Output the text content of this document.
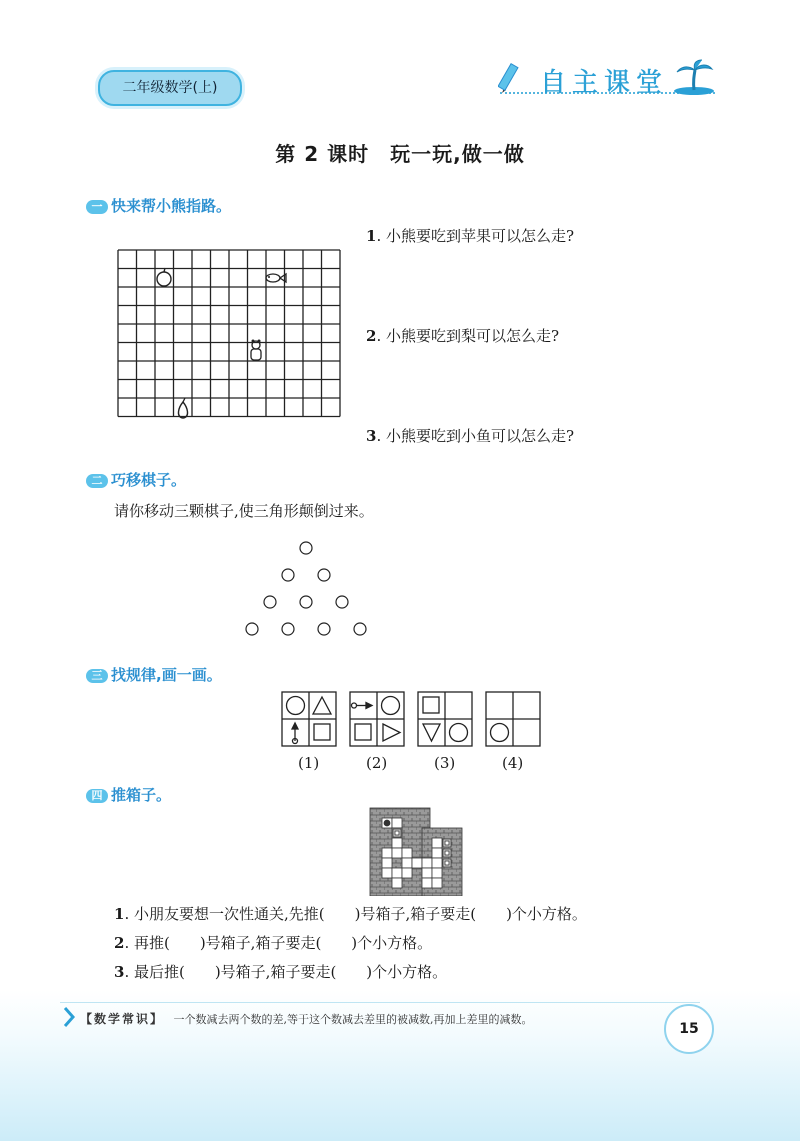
二年级数学(上)	自主课堂
第 2 课时　玩一玩,做一做
一 快来帮小熊指路。
1. 小熊要吃到苹果可以怎么走?
2. 小熊要吃到梨可以怎么走?
3. 小熊要吃到小鱼可以怎么走?
二 巧移棋子。
请你移动三颗棋子,使三角形颠倒过来。
三 找规律,画一画。
(1)	(2)	(3)	(4)
四 推箱子。
1. 小朋友要想一次性通关,先推(　　)号箱子,箱子要走(　　)个小方格。
2. 再推(　　)号箱子,箱子要走(　　)个小方格。
3. 最后推(　　)号箱子,箱子要走(　　)个小方格。
【数学常识】 一个数减去两个数的差,等于这个数减去差里的被减数,再加上差里的减数。
15
